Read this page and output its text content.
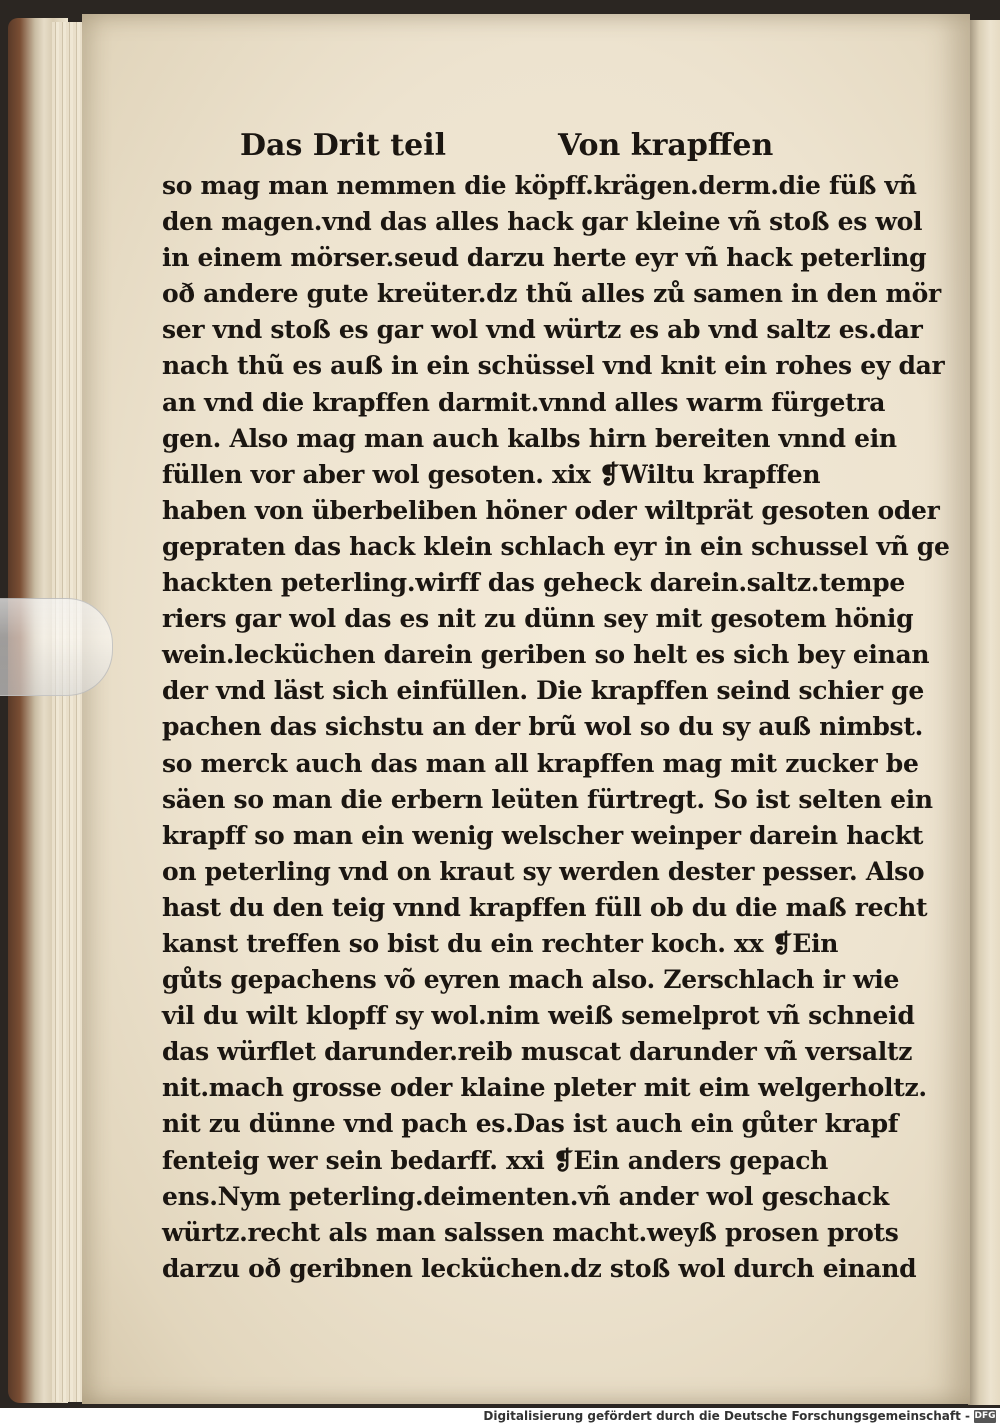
Das Drit teil	Von krapffen
so mag man nemmen die köpff.krägen.derm.die füß vñ
den magen.vnd das alles hack gar kleine vñ stoß es wol
in einem mörser.seud darzu herte eyr vñ hack peterling
oð andere gute kreüter.dz thũ alles zů samen in den mör
ser vnd stoß es gar wol vnd würtz es ab vnd saltz es.dar
nach thũ es auß in ein schüssel vnd knit ein rohes ey dar
an vnd die krapffen darmit.vnnd alles warm fürgetra
gen. Also mag man auch kalbs hirn bereiten vnnd ein
füllen vor aber wol gesoten. xix ❡Wiltu krapffen
haben von überbeliben höner oder wiltprät gesoten oder
gepraten das hack klein schlach eyr in ein schussel vñ ge
hackten peterling.wirff das geheck darein.saltz.tempe
riers gar wol das es nit zu dünn sey mit gesotem hönig
wein.lecküchen darein geriben so helt es sich bey einan
der vnd läst sich einfüllen. Die krapffen seind schier ge
pachen das sichstu an der brũ wol so du sy auß nimbst.
so merck auch das man all krapffen mag mit zucker be
säen so man die erbern leüten fürtregt. So ist selten ein
krapff so man ein wenig welscher weinper darein hackt
on peterling vnd on kraut sy werden dester pesser. Also
hast du den teig vnnd krapffen füll ob du die maß recht
kanst treffen so bist du ein rechter koch. xx ❡Ein
gůts gepachens võ eyren mach also. Zerschlach ir wie
vil du wilt klopff sy wol.nim weiß semelprot vñ schneid
das würflet darunder.reib muscat darunder vñ versaltz
nit.mach grosse oder klaine pleter mit eim welgerholtz.
nit zu dünne vnd pach es.Das ist auch ein gůter krapf
fenteig wer sein bedarff. xxi ❡Ein anders gepach
ens.Nym peterling.deimenten.vñ ander wol geschack
würtz.recht als man salssen macht.weyß prosen prots
darzu oð geribnen lecküchen.dz stoß wol durch einand
Digitalisierung gefördert durch die Deutsche Forschungsgemeinschaft - DFG
